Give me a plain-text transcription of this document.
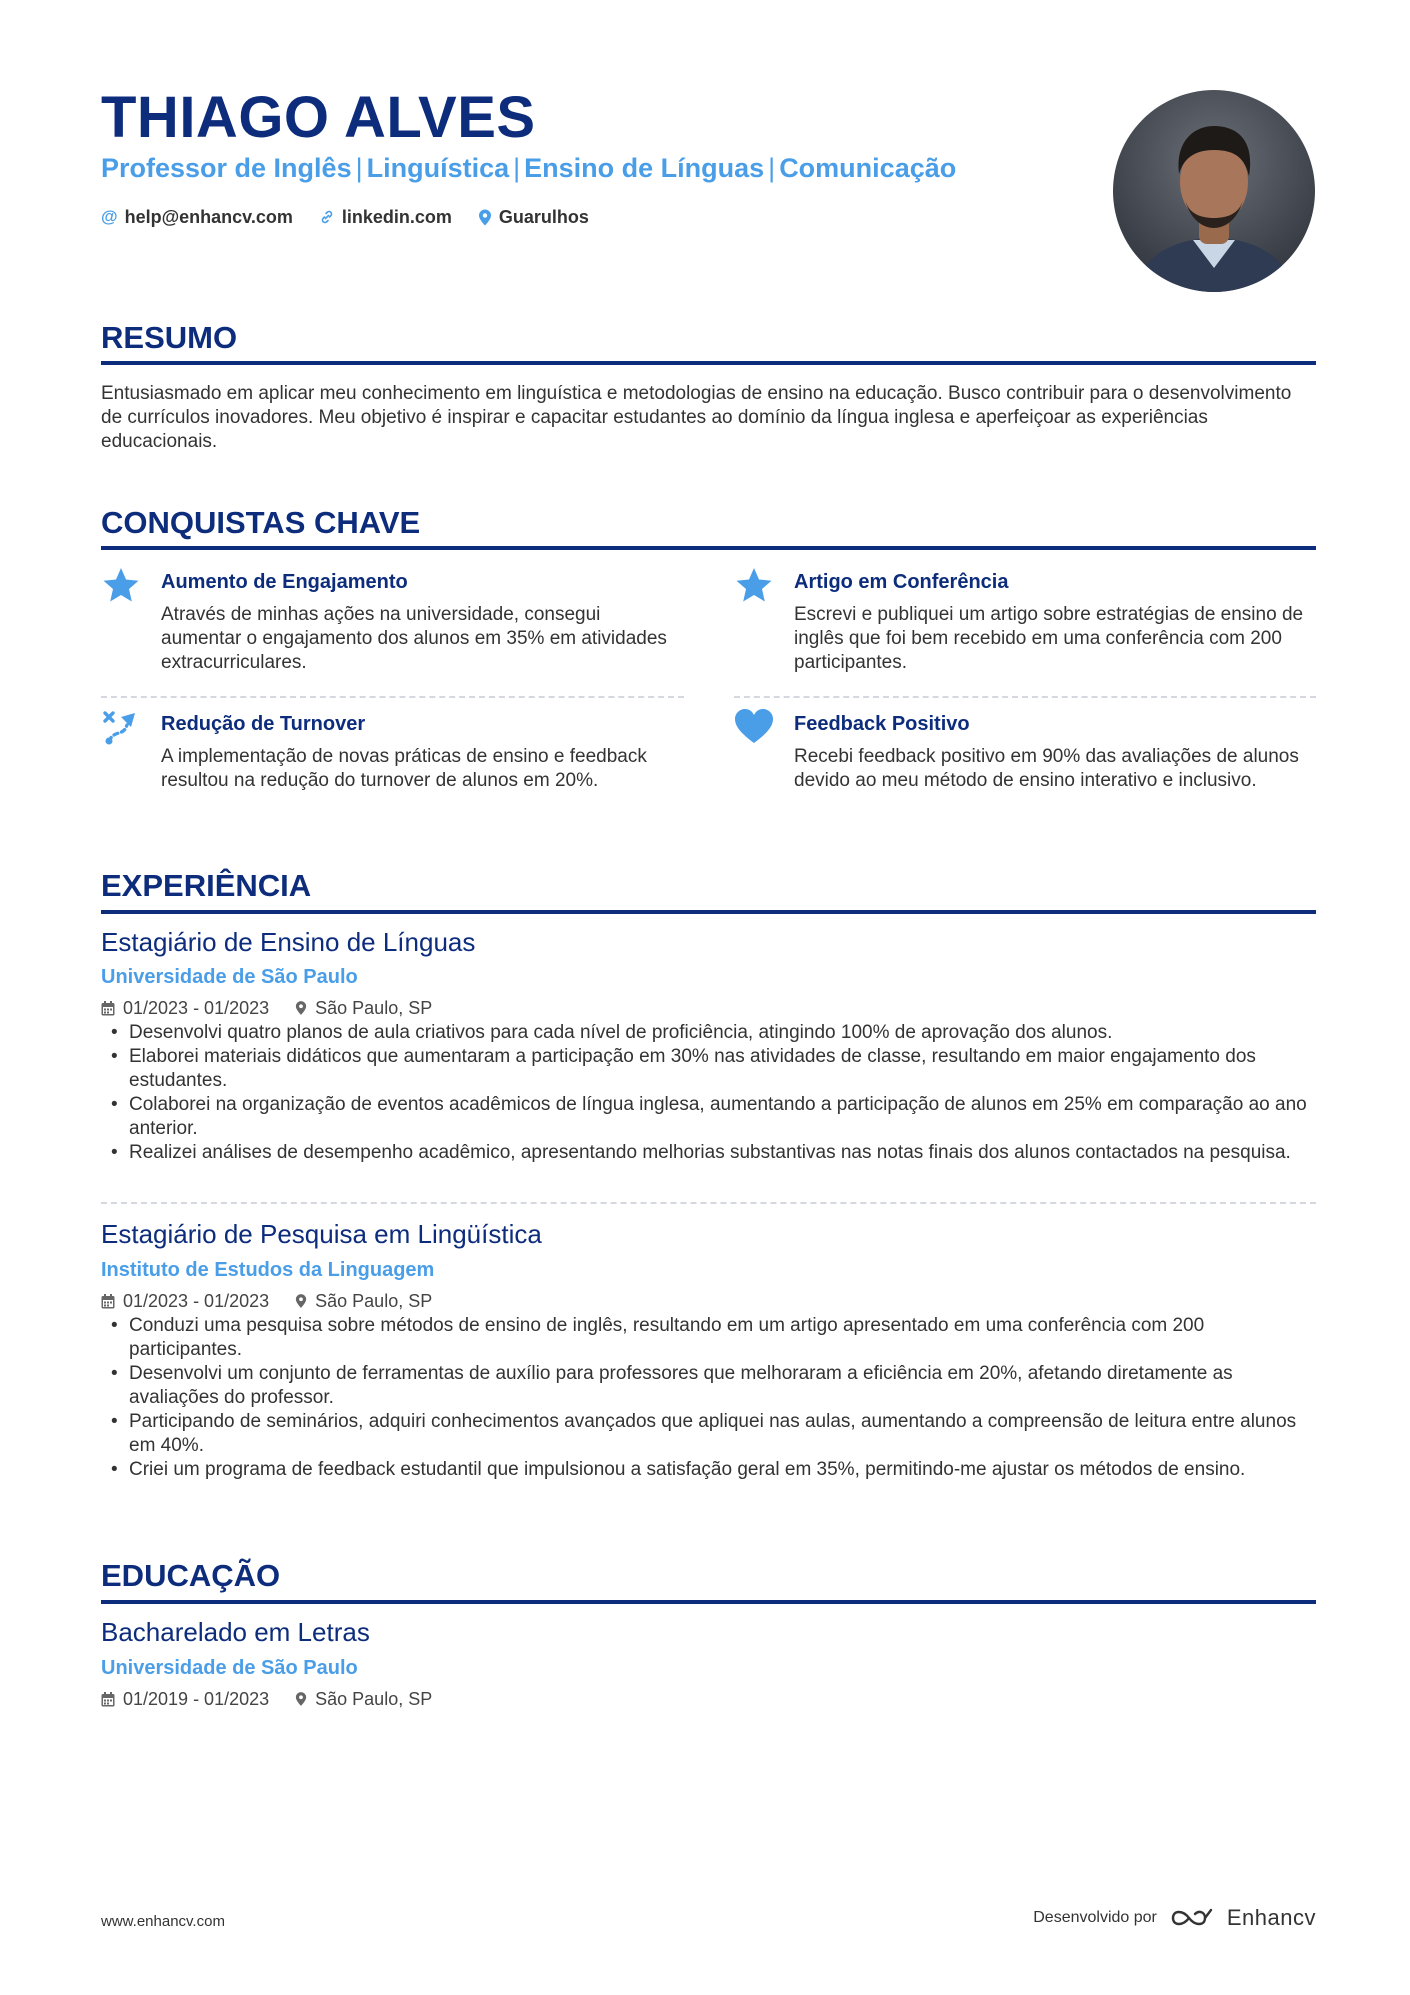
THIAGO ALVES
Professor de Inglês | Linguística | Ensino de Línguas | Comunicação
@ help@enhancv.com	linkedin.com	Guarulhos
RESUMO

Entusiasmado em aplicar meu conhecimento em linguística e metodologias de ensino na educação. Busco contribuir para o desenvolvimento de currículos inovadores. Meu objetivo é inspirar e capacitar estudantes ao domínio da língua inglesa e aperfeiçoar as experiências educacionais.

CONQUISTAS CHAVE
Aumento de Engajamento
Através de minhas ações na universidade, consegui aumentar o engajamento dos alunos em 35% em atividades extracurriculares.
Artigo em Conferência
Escrevi e publiquei um artigo sobre estratégias de ensino de inglês que foi bem recebido em uma conferência com 200 participantes.
Redução de Turnover
A implementação de novas práticas de ensino e feedback resultou na redução do turnover de alunos em 20%.
Feedback Positivo
Recebi feedback positivo em 90% das avaliações de alunos devido ao meu método de ensino interativo e inclusivo.
EXPERIÊNCIA
Estagiário de Ensino de Línguas
Universidade de São Paulo
01/2023 - 01/2023	São Paulo, SP
• Desenvolvi quatro planos de aula criativos para cada nível de proficiência, atingindo 100% de aprovação dos alunos.
• Elaborei materiais didáticos que aumentaram a participação em 30% nas atividades de classe, resultando em maior engajamento dos estudantes.
• Colaborei na organização de eventos acadêmicos de língua inglesa, aumentando a participação de alunos em 25% em comparação ao ano anterior.
• Realizei análises de desempenho acadêmico, apresentando melhorias substantivas nas notas finais dos alunos contactados na pesquisa.
Estagiário de Pesquisa em Lingüística
Instituto de Estudos da Linguagem
01/2023 - 01/2023	São Paulo, SP
• Conduzi uma pesquisa sobre métodos de ensino de inglês, resultando em um artigo apresentado em uma conferência com 200 participantes.
• Desenvolvi um conjunto de ferramentas de auxílio para professores que melhoraram a eficiência em 20%, afetando diretamente as avaliações do professor.
• Participando de seminários, adquiri conhecimentos avançados que apliquei nas aulas, aumentando a compreensão de leitura entre alunos em 40%.
• Criei um programa de feedback estudantil que impulsionou a satisfação geral em 35%, permitindo-me ajustar os métodos de ensino.
EDUCAÇÃO
Bacharelado em Letras
Universidade de São Paulo
01/2019 - 01/2023	São Paulo, SP
www.enhancv.com	Desenvolvido por	Enhancv
